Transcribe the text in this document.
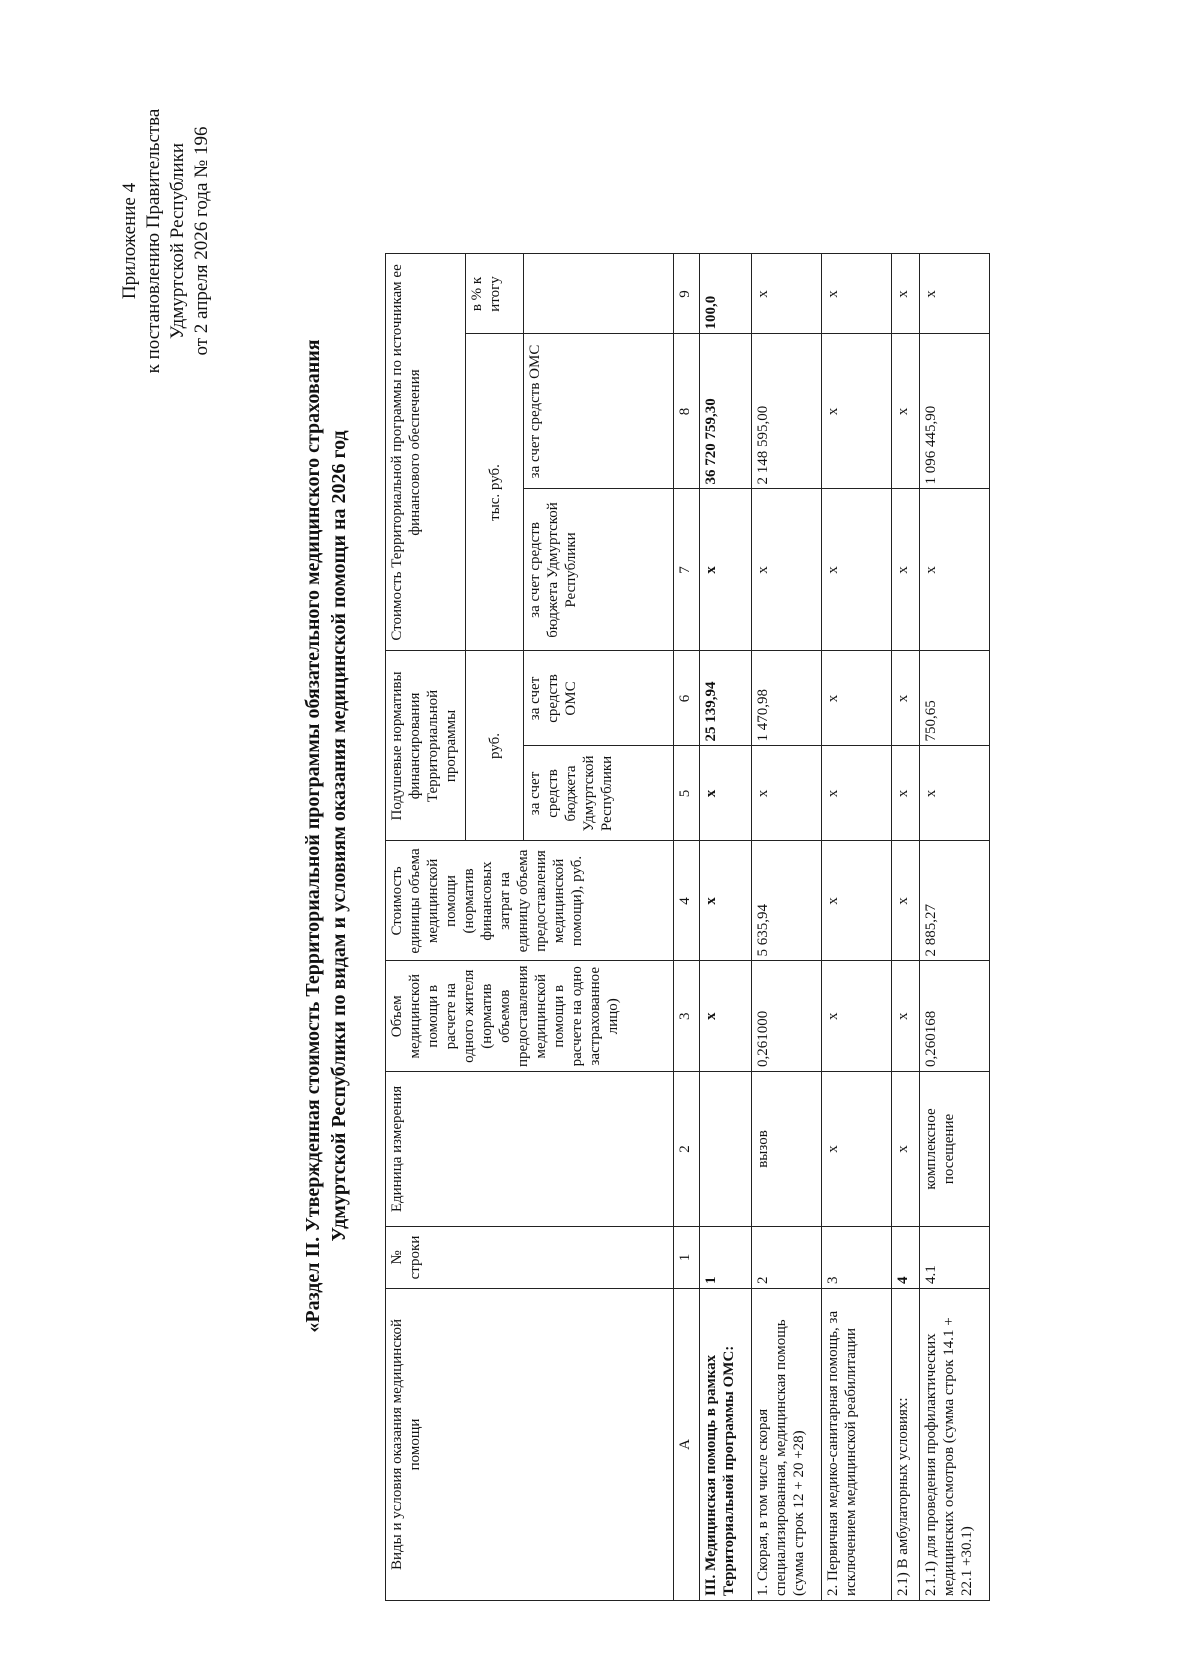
Приложение 4 к постановлению Правительства Удмуртской Республики от 2 апреля 2026 года № 196
«Раздел II. Утвержденная стоимость Территориальной программы обязательного медицинского страхования Удмуртской Республики по видам и условиям оказания медицинской помощи на 2026 год
Виды и условия оказания медицинской помощи	№ строки	Единица измерения	Объем медицинской помощи в расчете на одного жителя (норматив объемов предоставления медицинской помощи в расчете на одно застрахованное лицо)	Стоимость единицы объема медицинской помощи (норматив финансовых затрат на единицу объема предоставления медицинской помощи), руб.	Подушевые нормативы финансирования Территориальной программы		Стоимость Территориальной программы по источникам ее финансового обеспечения		
					руб.		тыс. руб.		в % к итогу
					за счет средств бюджета Удмуртской Республики	за счет средств ОМС	за счет средств бюджета Удмуртской Республики	за счет средств ОМС	
А	1	2	3	4	5	6	7	8	9
III. Медицинская помощь в рамках Территориальной программы ОМС:	1		х	х	х	25 139,94	х	36 720 759,30	100,0
1. Скорая, в том числе скорая специализированная, медицинская помощь (сумма строк 12 + 20 +28)	2	вызов	0,261000	5 635,94	х	1 470,98	х	2 148 595,00	х
2. Первичная медико-санитарная помощь, за исключением медицинской реабилитации	3	х	х	х	х	х	х	х	х
2.1) В амбулаторных условиях:	4	х	х	х	х	х	х	х	х
2.1.1) для проведения профилактических медицинских осмотров (сумма строк 14.1 + 22.1 +30.1)	4.1	комплексное посещение	0,260168	2 885,27	х	750,65	х	1 096 445,90	х
